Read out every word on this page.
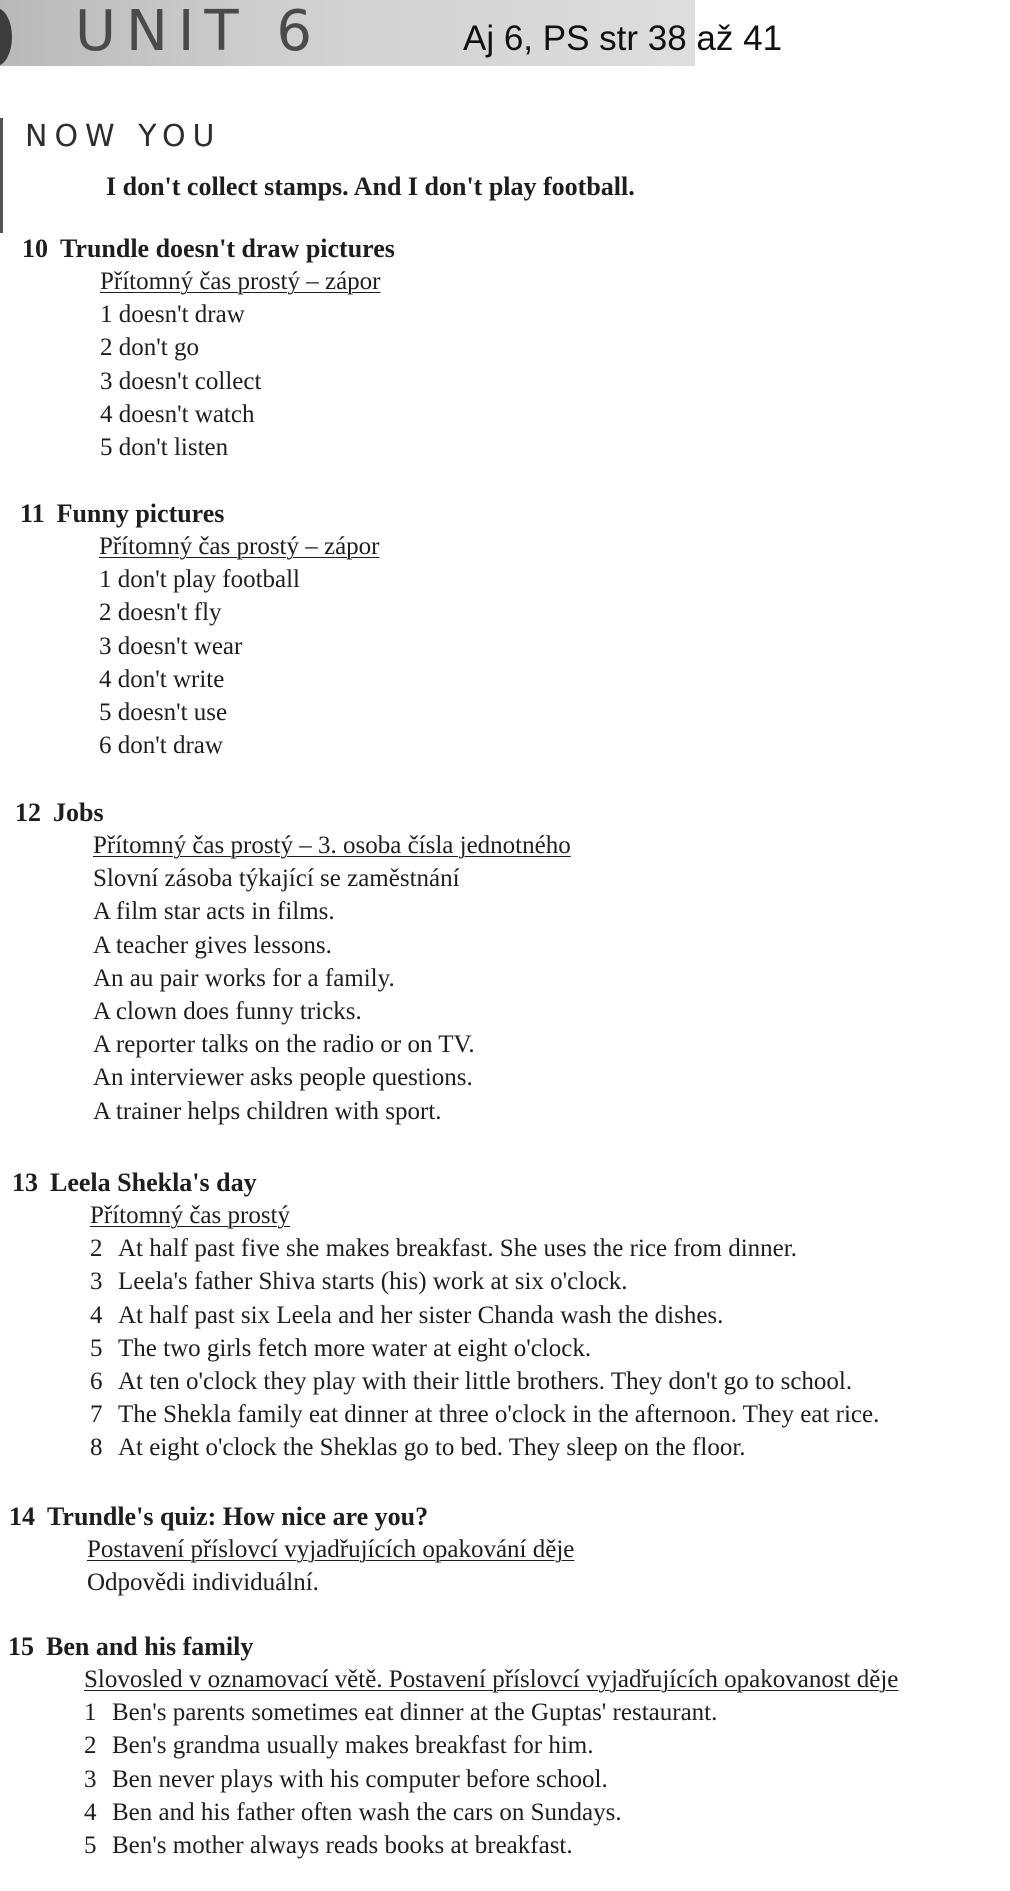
UNIT 6	Aj 6, PS str 38 až 41
NOW YOU
I don't collect stamps. And I don't play football.
10 Trundle doesn't draw pictures
Přítomný čas prostý – zápor
1 doesn't draw
2 don't go
3 doesn't collect
4 doesn't watch
5 don't listen
11 Funny pictures
Přítomný čas prostý – zápor
1 don't play football
2 doesn't fly
3 doesn't wear
4 don't write
5 doesn't use
6 don't draw
12 Jobs
Přítomný čas prostý – 3. osoba čísla jednotného
Slovní zásoba týkající se zaměstnání
A film star acts in films.
A teacher gives lessons.
An au pair works for a family.
A clown does funny tricks.
A reporter talks on the radio or on TV.
An interviewer asks people questions.
A trainer helps children with sport.
13 Leela Shekla's day
Přítomný čas prostý
2 At half past five she makes breakfast. She uses the rice from dinner.
3 Leela's father Shiva starts (his) work at six o'clock.
4 At half past six Leela and her sister Chanda wash the dishes.
5 The two girls fetch more water at eight o'clock.
6 At ten o'clock they play with their little brothers. They don't go to school.
7 The Shekla family eat dinner at three o'clock in the afternoon. They eat rice.
8 At eight o'clock the Sheklas go to bed. They sleep on the floor.
14 Trundle's quiz: How nice are you?
Postavení příslovcí vyjadřujících opakování děje
Odpovědi individuální.
15 Ben and his family
Slovosled v oznamovací větě. Postavení příslovcí vyjadřujících opakovanost děje
1 Ben's parents sometimes eat dinner at the Guptas' restaurant.
2 Ben's grandma usually makes breakfast for him.
3 Ben never plays with his computer before school.
4 Ben and his father often wash the cars on Sundays.
5 Ben's mother always reads books at breakfast.
